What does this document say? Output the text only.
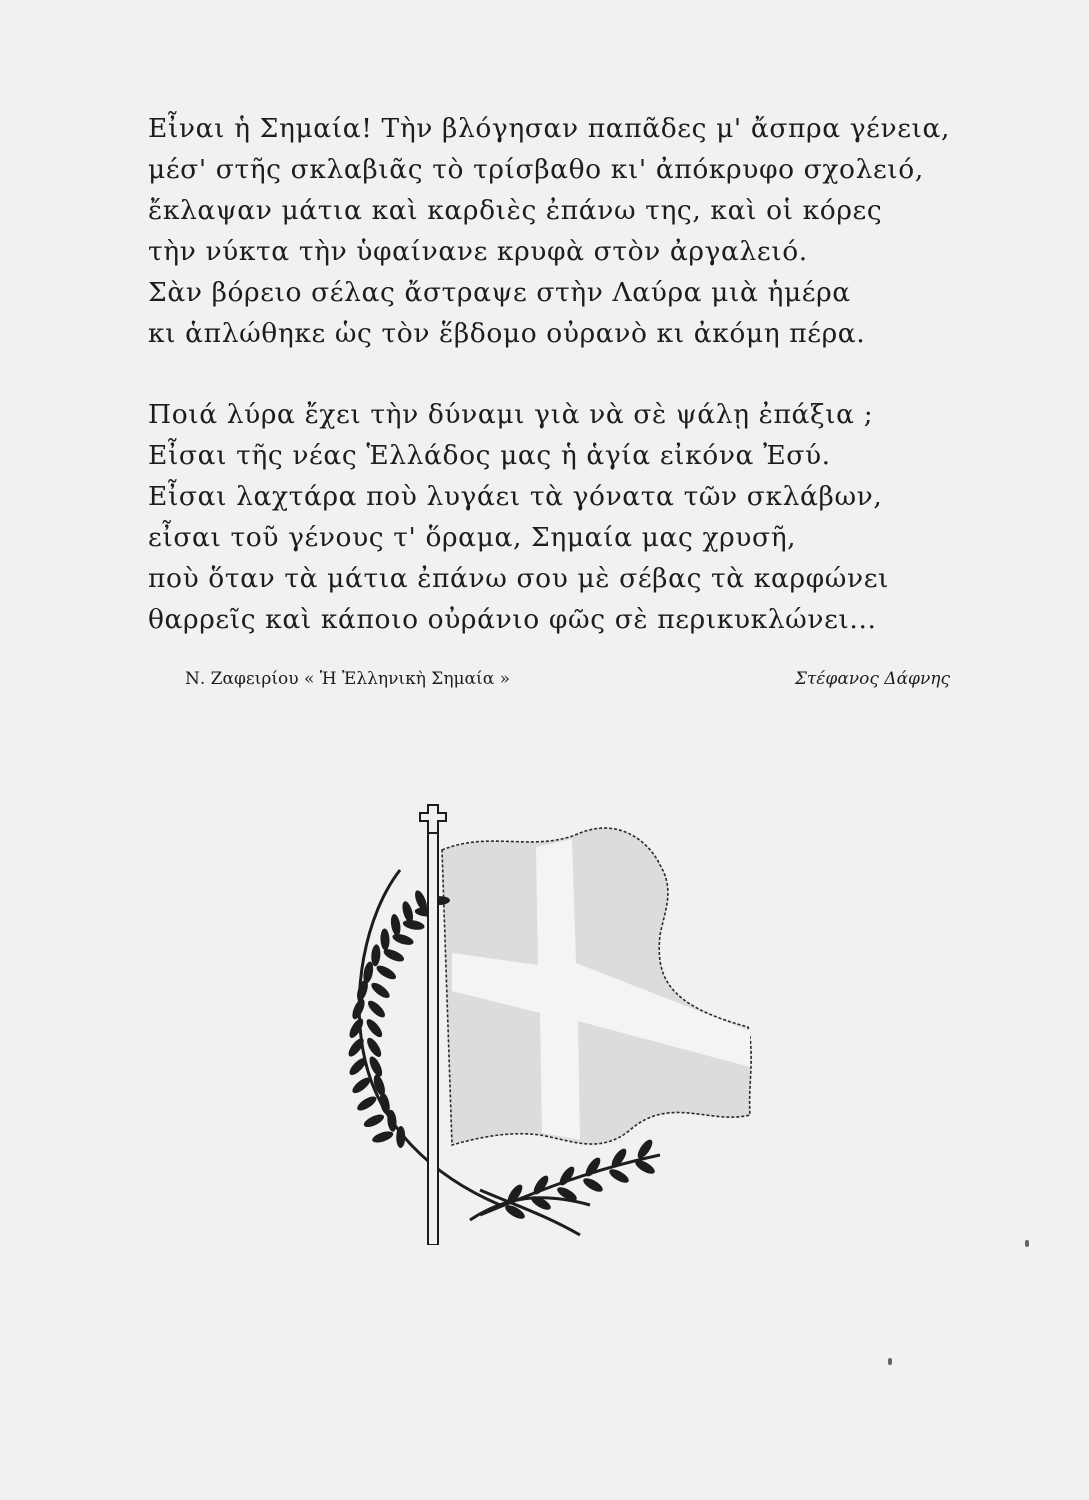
Εἶναι ἡ Σημαία! Τὴν βλόγησαν παπᾶδες μ' ἄσπρα γένεια,
μέσ' στῆς σκλαβιᾶς τὸ τρίσβαθο κι' ἀπόκρυφο σχολειό,
ἔκλαψαν μάτια καὶ καρδιὲς ἐπάνω της, καὶ οἱ κόρες
τὴν νύκτα τὴν ὑφαίνανε κρυφὰ στὸν ἀργαλειό.
Σὰν βόρειο σέλας ἄστραψε στὴν Λαύρα μιὰ ἡμέρα
κι ἁπλώθηκε ὡς τὸν ἕβδομο οὐρανὸ κι ἀκόμη πέρα.
Ποιά λύρα ἔχει τὴν δύναμι γιὰ νὰ σὲ ψάλῃ ἐπάξια ;
Εἶσαι τῆς νέας Ἑλλάδος μας ἡ ἁγία εἰκόνα Ἐσύ.
Εἶσαι λαχτάρα ποὺ λυγάει τὰ γόνατα τῶν σκλάβων,
εἶσαι τοῦ γένους τ' ὅραμα, Σημαία μας χρυσῆ,
ποὺ ὅταν τὰ μάτια ἐπάνω σου μὲ σέβας τὰ καρφώνει
θαρρεῖς καὶ κάποιο οὐράνιο φῶς σὲ περικυκλώνει...
Ν. Ζαφειρίου « Ἡ Ἑλληνικὴ Σημαία »	Στέφανος Δάφνης
